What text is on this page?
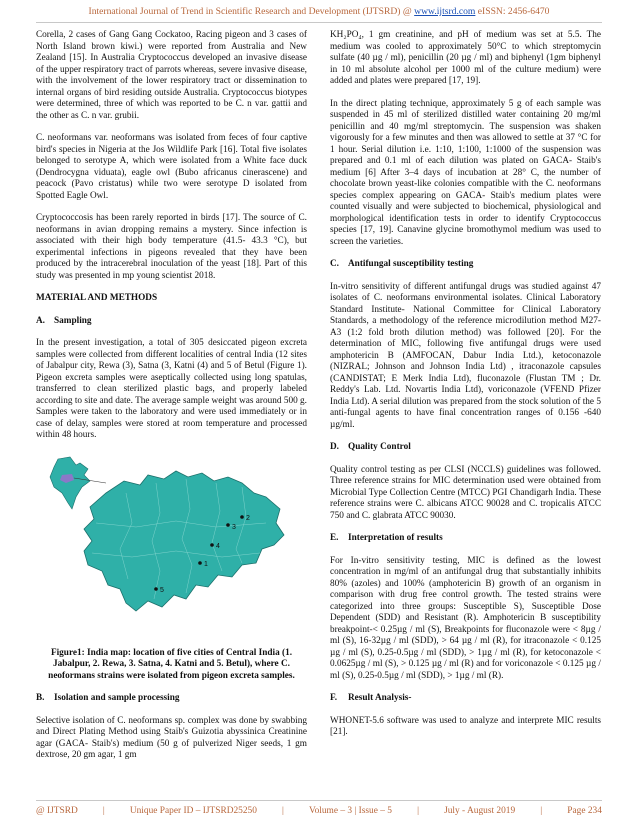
International Journal of Trend in Scientific Research and Development (IJTSRD) @ www.ijtsrd.com eISSN: 2456-6470

Corella, 2 cases of Gang Gang Cockatoo, Racing pigeon and 3 cases of North Island brown kiwi.) were reported from Australia and New Zealand [15]. In Australia Cryptococcus developed an invasive disease of the upper respiratory tract of parrots whereas, severe invasive disease, with the involvement of the lower respiratory tract or dissemination to internal organs of bird residing outside Australia. Cryptococcus biotypes were determined, three of which was reported to be C. n var. gattii and the other as C. n var. grubii.

C. neoformans var. neoformans was isolated from feces of four captive bird's species in Nigeria at the Jos Wildlife Park [16]. Total five isolates belonged to serotype A, which were isolated from a White face duck (Dendrocygna viduata), eagle owl (Bubo africanus cinerascene) and peacock (Pavo cristatus) while two were serotype D isolated from Spotted Eagle Owl.

Cryptococcosis has been rarely reported in birds [17]. The source of C. neoformans in avian dropping remains a mystery. Since infection is associated with their high body temperature (41.5- 43.3 °C), but experimental infections in pigeons revealed that they have been produced by the intracerebral inoculation of the yeast [18]. Part of this study was presented in mp young scientist 2018.

MATERIAL AND METHODS

A. Sampling

In the present investigation, a total of 305 desiccated pigeon excreta samples were collected from different localities of central India (12 sites of Jabalpur city, Rewa (3), Satna (3, Katni (4) and 5 of Betul (Figure 1). Pigeon excreta samples were aseptically collected using long spatulas, transferred to clean sterilized plastic bags, and properly labeled according to site and date. The average sample weight was around 500 g. Samples were taken to the laboratory and were used immediately or in case of delay, samples were stored at room temperature and processed within 48 hours.

1
2
3
4
5

Figure1: India map: location of five cities of Central India (1. Jabalpur, 2. Rewa, 3. Satna, 4. Katni and 5. Betul), where C. neoformans strains were isolated from pigeon excreta samples.

B. Isolation and sample processing

Selective isolation of C. neoformans sp. complex was done by swabbing and Direct Plating Method using Staib's Guizotia abyssinica Creatinine agar (GACA- Staib's) medium (50 g of pulverized Niger seeds, 1 gm dextrose, 20 gm agar, 1 gm

KH₂PO₄, 1 gm creatinine, and pH of medium was set at 5.5. The medium was cooled to approximately 50°C to which streptomycin sulfate (40 µg / ml), penicillin (20 µg / ml) and biphenyl (1gm biphenyl in 10 ml absolute alcohol per 1000 ml of the culture medium) were added and plates were prepared [17, 19].

In the direct plating technique, approximately 5 g of each sample was suspended in 45 ml of sterilized distilled water containing 20 mg/ml penicillin and 40 mg/ml streptomycin. The suspension was shaken vigorously for a few minutes and then was allowed to settle at 37 °C for 1 hour. Serial dilution i.e. 1:10, 1:100, 1:1000 of the suspension was prepared and 0.1 ml of each dilution was plated on GACA- Staib's medium [6] After 3–4 days of incubation at 28° C, the number of chocolate brown yeast-like colonies compatible with the C. neoformans species complex appearing on GACA- Staib's medium plates were counted visually and were subjected to biochemical, physiological and morphological identification tests in order to identify Cryptococcus species [17, 19]. Canavine glycine bromothymol medium was used to screen the varieties.

C. Antifungal susceptibility testing

In-vitro sensitivity of different antifungal drugs was studied against 47 isolates of C. neoformans environmental isolates. Clinical Laboratory Standard Institute- National Committee for Clinical Laboratory Standards, a methodology of the reference microdilution method M27-A3 (1:2 fold broth dilution method) was followed [20]. For the determination of MIC, following five antifungal drugs were used amphotericin B (AMFOCAN, Dabur India Ltd.), ketoconazole (NIZRAL; Johnson and Johnson India Ltd) , itraconazole capsules (CANDISTAT; E Merk India Ltd), fluconazole (Flustan TM ; Dr. Reddy's Lab. Ltd. Novartis India Ltd), voriconazole (VFEND Pfizer India Ltd). A serial dilution was prepared from the stock solution of the 5 anti-fungal agents to have final concentration ranges of 0.156 -640 µg/ml.

D. Quality Control

Quality control testing as per CLSI (NCCLS) guidelines was followed. Three reference strains for MIC determination used were obtained from Microbial Type Collection Centre (MTCC) PGI Chandigarh India. These reference strains were C. albicans ATCC 90028 and C. tropicalis ATCC 750 and C. glabrata ATCC 90030.

E. Interpretation of results

For In-vitro sensitivity testing, MIC is defined as the lowest concentration in mg/ml of an antifungal drug that substantially inhibits 80% (azoles) and 100% (amphotericin B) growth of an organism in comparison with drug free control growth. The tested strains were categorized into three groups: Susceptible S), Susceptible Dose Dependent (SDD) and Resistant (R). Amphotericin B susceptibility breakpoint-< 0.25µg / ml (S), Breakpoints for fluconazole were < 8µg / ml (S), 16-32µg / ml (SDD), > 64 µg / ml (R), for itraconazole < 0.125 µg / ml (S), 0.25-0.5µg / ml (SDD), > 1µg / ml (R), for ketoconazole < 0.0625µg / ml (S), > 0.125 µg / ml (R) and for voriconazole < 0.125 µg / ml (S), 0.25-0.5µg / ml (SDD), > 1µg / ml (R).

F. Result Analysis-

WHONET-5.6 software was used to analyze and interprete MIC results [21].

@ IJTSRD	|	Unique Paper ID – IJTSRD25250	|	Volume – 3 | Issue – 5	|	July - August 2019	|	Page 234
